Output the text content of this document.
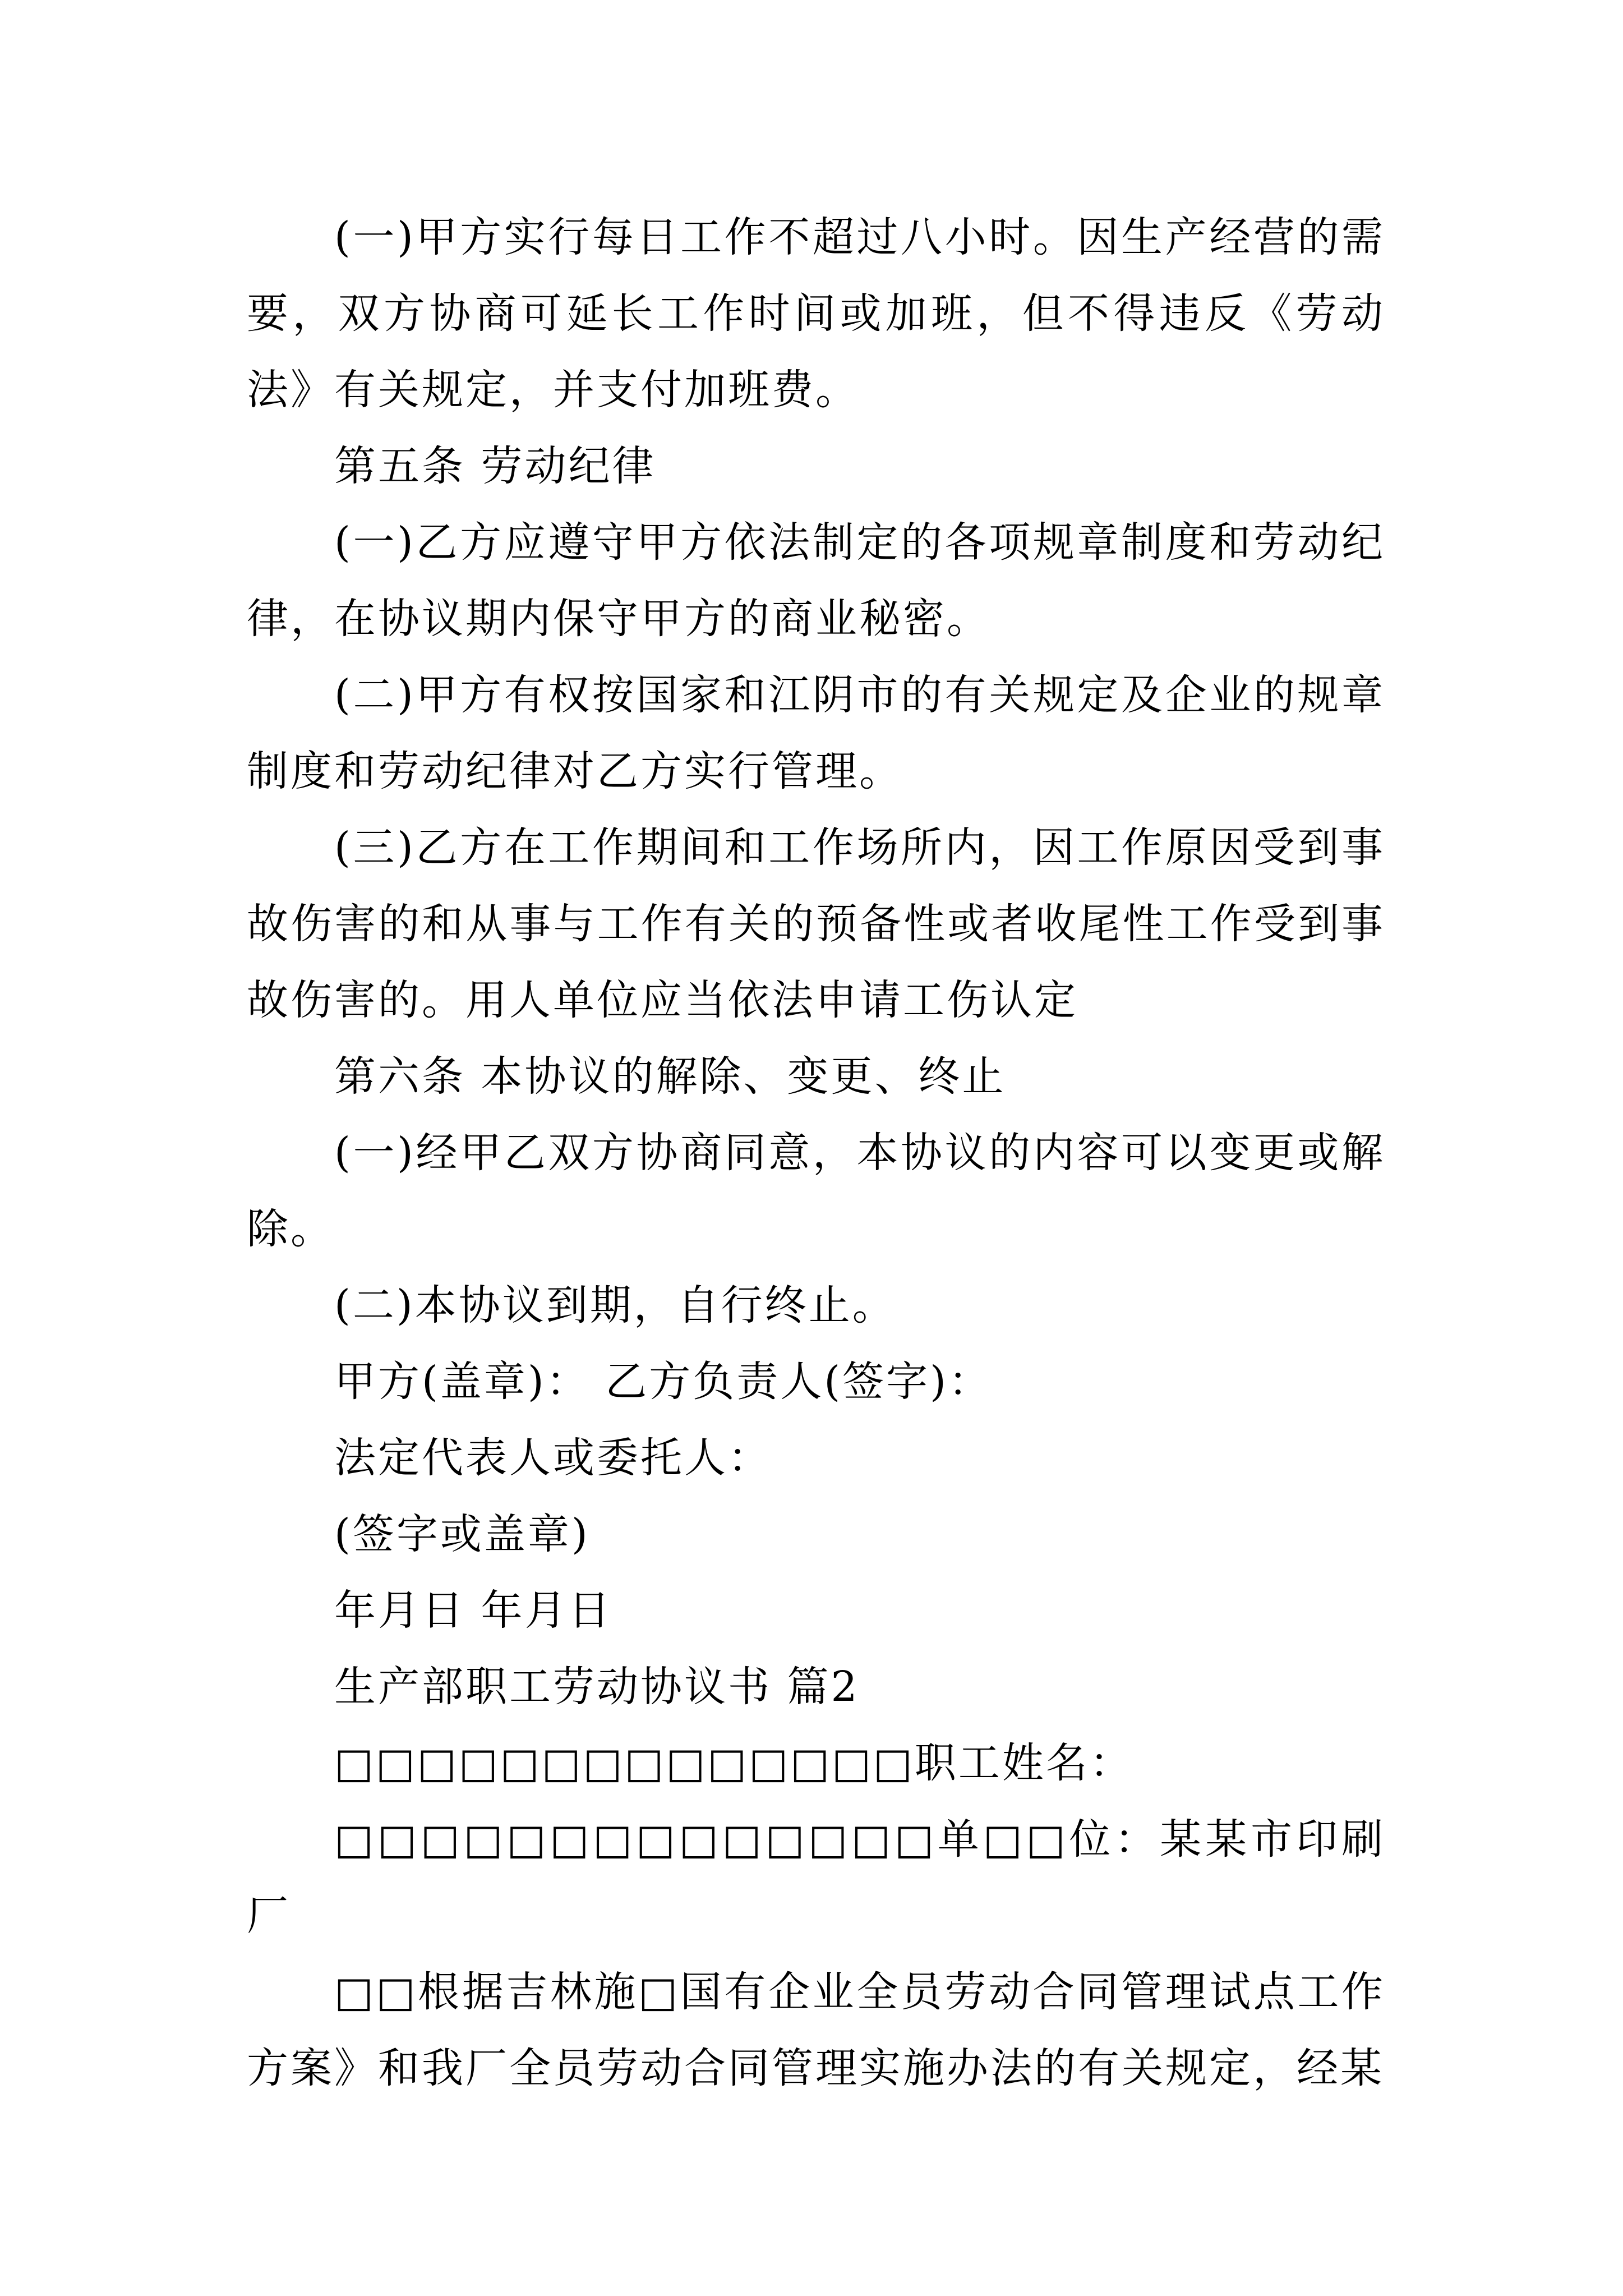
(一)甲方实行每日工作不超过八小时。因生产经营的需要，双方协商可延长工作时间或加班，但不得违反《劳动法》有关规定，并支付加班费。

第五条 劳动纪律

(一)乙方应遵守甲方依法制定的各项规章制度和劳动纪律，在协议期内保守甲方的商业秘密。

(二)甲方有权按国家和江阴市的有关规定及企业的规章制度和劳动纪律对乙方实行管理。

(三)乙方在工作期间和工作场所内，因工作原因受到事故伤害的和从事与工作有关的预备性或者收尾性工作受到事故伤害的。用人单位应当依法申请工伤认定

第六条 本协议的解除、变更、终止

(一)经甲乙双方协商同意，本协议的内容可以变更或解除。

(二)本协议到期，自行终止。

甲方(盖章)： 乙方负责人(签字)：

法定代表人或委托人：

(签字或盖章)

年月日 年月日

生产部职工劳动协议书 篇2

□□□□□□□□□□□□□□职工姓名：

□□□□□□□□□□□□□□单□□位：某某市印刷厂

□□根据吉林施□国有企业全员劳动合同管理试点工作方案》和我厂全员劳动合同管理实施办法的有关规定，经某
